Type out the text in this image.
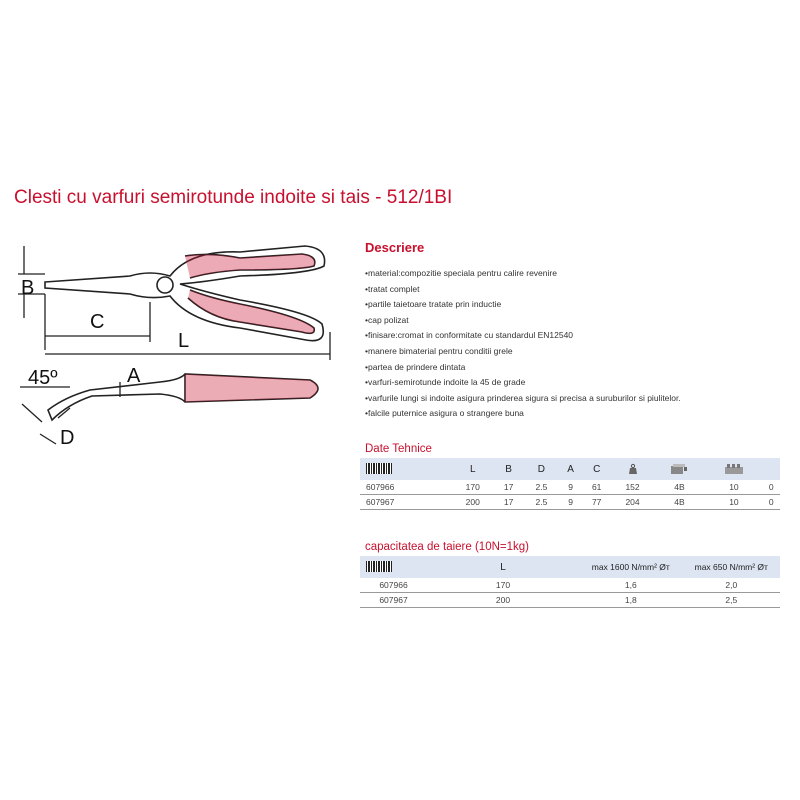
Clesti cu varfuri semirotunde indoite si tais - 512/1BI
B
C
L
45º	A
D
Descriere
• material:compozitie speciala pentru calire revenire
• tratat complet
• partile taietoare tratate prin inductie
• cap polizat
• finisare:cromat in conformitate cu standardul EN12540
• manere bimaterial pentru conditii grele
• partea de prindere dintata
• varfuri-semirotunde indoite la 45 de grade
• varfurile lungi si indoite asigura prinderea sigura si precisa a suruburilor si piulitelor.
• falcile puternice asigura o strangere buna
Date Tehnice
	L	B	D	A	C				
607966	170	17	2.5	9	61	152	4B	10	0
607967	200	17	2.5	9	77	204	4B	10	0
capacitatea de taiere (10N=1kg)
	L	max 1600 N/mm² Øт	max 650 N/mm² Øт
607966	170	1,6	2,0
607967	200	1,8	2,5
